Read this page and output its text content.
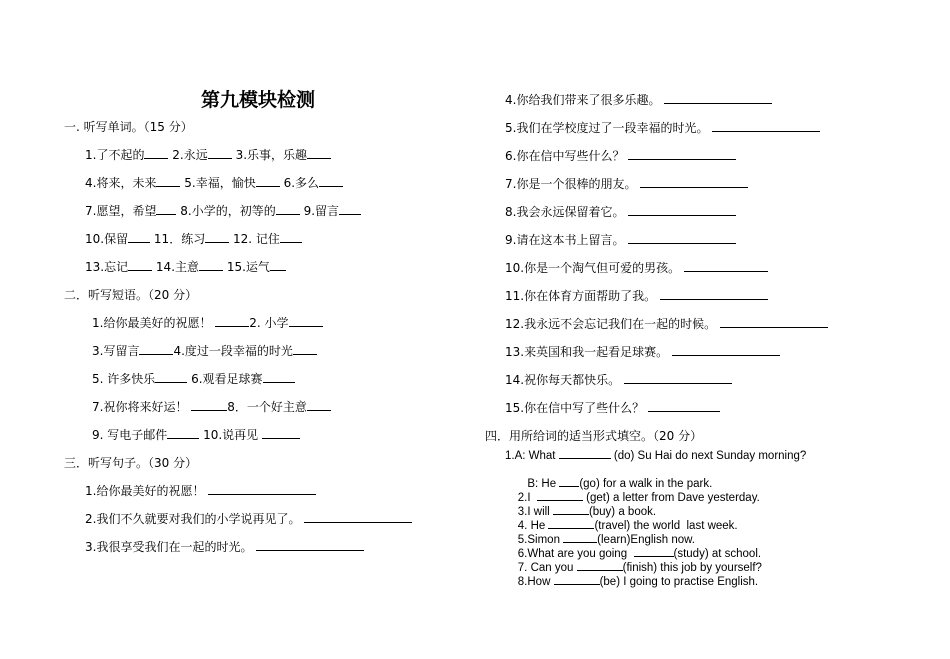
第九模块检测
一. 听写单词。（15 分）
1.了不起的 2.永远 3.乐事，乐趣
4.将来，未来 5.幸福，愉快 6.多么
7.愿望，希望 8.小学的，初等的 9.留言
10.保留 11．练习 12. 记住
13.忘记 14.主意 15.运气
二．听写短语。（20 分）
1.给你最美好的祝愿！	2. 小学
3.写留言	4.度过一段幸福的时光
5. 许多快乐	6.观看足球赛
7.祝你将来好运！	8．一个好主意
9. 写电子邮件	10.说再见
三．听写句子。（30 分）
1.给你最美好的祝愿！
2.我们不久就要对我们的小学说再见了。
3.我很享受我们在一起的时光。
4.你给我们带来了很多乐趣。
5.我们在学校度过了一段幸福的时光。
6.你在信中写些什么？
7.你是一个很棒的朋友。
8.我会永远保留着它。
9.请在这本书上留言。
10.你是一个淘气但可爱的男孩。
11.你在体育方面帮助了我。
12.我永远不会忘记我们在一起的时候。
13.来英国和我一起看足球赛。
14.祝你每天都快乐。
15.你在信中写了些什么？
四．用所给词的适当形式填空。（20 分）
1.A: What	(do) Su Hai do next Sunday morning?

B: He (go) for a walk in the park.

2.I	(get) a letter from Dave yesterday.

3.I will	(buy) a book.

4. He	(travel) the world  last week.

5.Simon	(learn)English now.

6.What are you going	(study) at school.

7. Can you	(finish) this job by yourself?

8.How	(be) I going to practise English.
